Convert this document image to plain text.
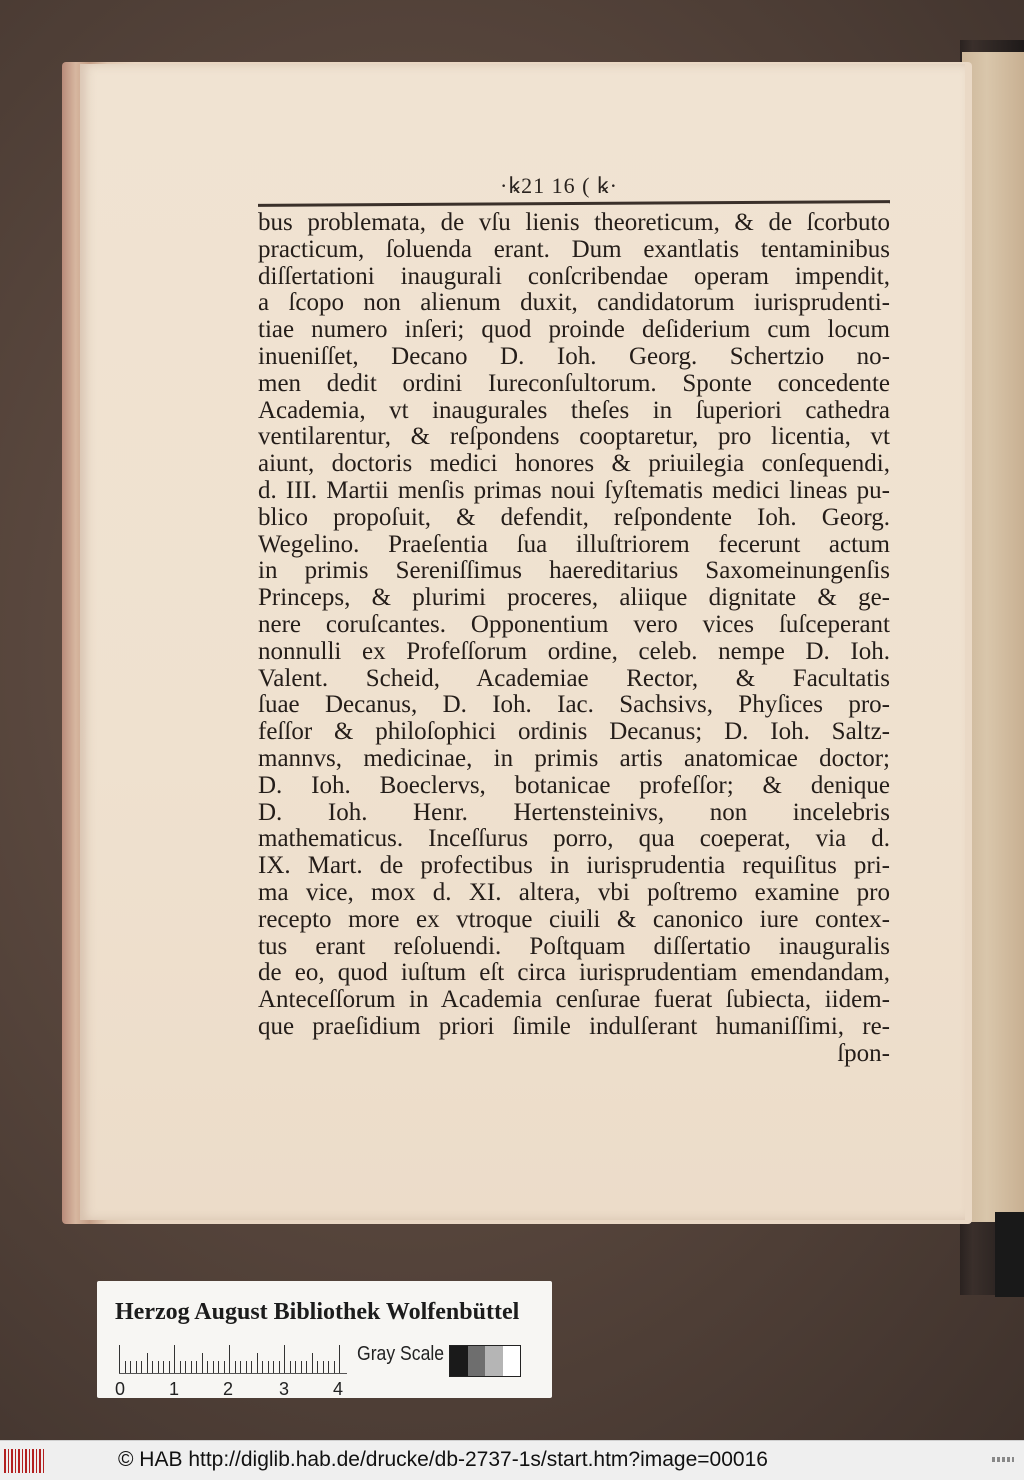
·ꝃ21 16 ( ꝃ·
bus problemata, de vſu lienis theoreticum, & de ſcorbuto
practicum, ſoluenda erant. Dum exantlatis tentaminibus
diſſertationi inaugurali conſcribendae operam impendit,
a ſcopo non alienum duxit, candidatorum iurisprudenti-
tiae numero inſeri; quod proinde deſiderium cum locum
inueniſſet, Decano D. Ioh. Georg. Schertzio no-
men dedit ordini Iureconſultorum. Sponte concedente
Academia, vt inaugurales theſes in ſuperiori cathedra
ventilarentur, & reſpondens cooptaretur, pro licentia, vt
aiunt, doctoris medici honores & priuilegia conſequendi,
d. III. Martii menſis primas noui ſyſtematis medici lineas pu-
blico propoſuit, & defendit, reſpondente Ioh. Georg.
Wegelino. Praeſentia ſua illuſtriorem fecerunt actum
in primis Sereniſſimus haereditarius Saxomeinungenſis
Princeps, & plurimi proceres, aliique dignitate & ge-
nere coruſcantes. Opponentium vero vices ſuſceperant
nonnulli ex Profeſſorum ordine, celeb. nempe D. Ioh.
Valent. Scheid, Academiae Rector, & Facultatis
ſuae Decanus, D. Ioh. Iac. Sachsivs, Phyſices pro-
feſſor & philoſophici ordinis Decanus; D. Ioh. Saltz-
mannvs, medicinae, in primis artis anatomicae doctor;
D. Ioh. Boeclervs, botanicae profeſſor; & denique
D. Ioh. Henr. Hertensteinivs, non incelebris
mathematicus. Inceſſurus porro, qua coeperat, via d.
IX. Mart. de profectibus in iurisprudentia requiſitus pri-
ma vice, mox d. XI. altera, vbi poſtremo examine pro
recepto more ex vtroque ciuili & canonico iure contex-
tus erant reſoluendi. Poſtquam diſſertatio inauguralis
de eo, quod iuſtum eſt circa iurisprudentiam emendandam,
Anteceſſorum in Academia cenſurae fuerat ſubiecta, iidem-
que praeſidium priori ſimile indulſerant humaniſſimi, re-
ſpon-
Herzog August Bibliothek Wolfenbüttel
Gray Scale
0 1 2	3 4
© HAB http://diglib.hab.de/drucke/db-2737-1s/start.htm?image=00016
